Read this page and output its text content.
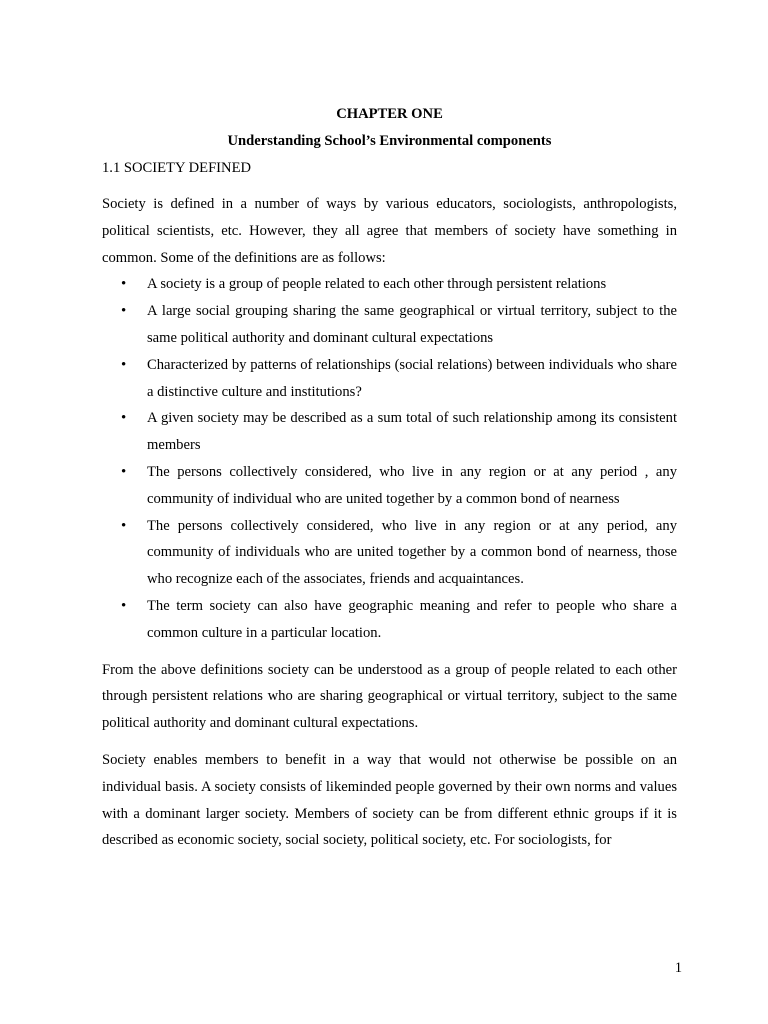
CHAPTER ONE

Understanding School’s Environmental components

1.1 SOCIETY DEFINED

Society is defined in a number of ways by various educators, sociologists, anthropologists, political scientists, etc. However, they all agree that members of society have something in common. Some of the definitions are as follows:

• A society is a group of people related to each other through persistent relations
• A large social grouping sharing the same geographical or virtual territory, subject to the same political authority and dominant cultural expectations
• Characterized by patterns of relationships (social relations) between individuals who share a distinctive culture and institutions?
• A given society may be described as a sum total of such relationship among its consistent members
• The persons collectively considered, who live in any region or at any period , any community of individual who are united together by a common bond of nearness
• The persons collectively considered, who live in any region or at any period, any community of individuals who are united together by a common bond of nearness, those who recognize each of the associates, friends and acquaintances.
• The term society can also have geographic meaning and refer to people who share a common culture in a particular location.

From the above definitions society can be understood as a group of people related to each other through persistent relations who are sharing geographical or virtual territory, subject to the same political authority and dominant cultural expectations.

Society enables members to benefit in a way that would not otherwise be possible on an individual basis. A society consists of likeminded people governed by their own norms and values with a dominant larger society. Members of society can be from different ethnic groups if it is described as economic society, social society, political society, etc. For sociologists, for

1
